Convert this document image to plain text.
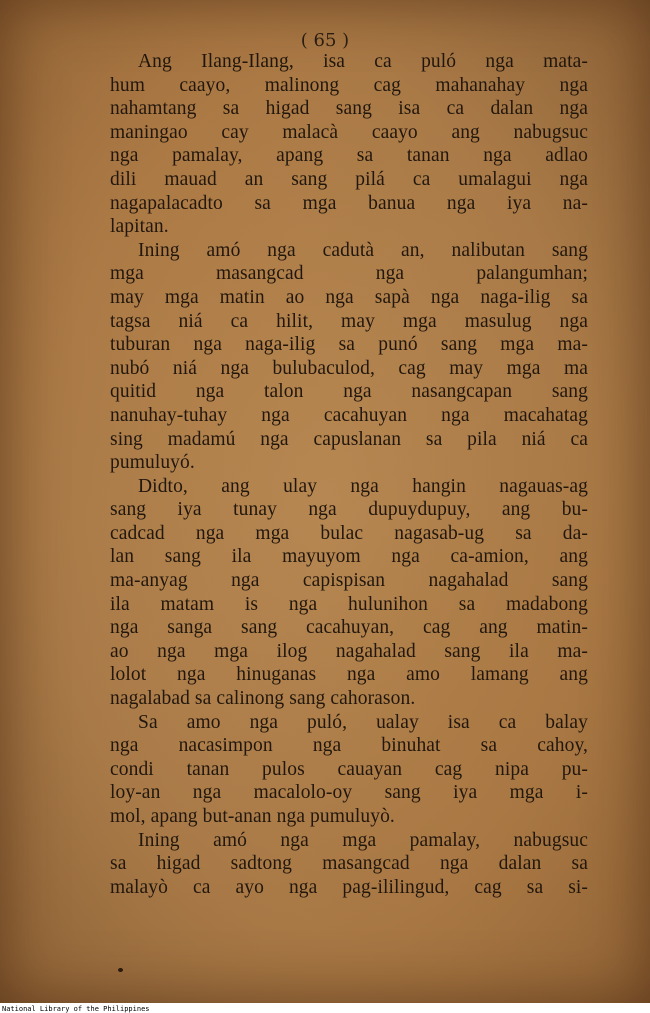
( 65 )
Ang Ilang-Ilang, isa ca puló nga mata-
hum caayo, malinong cag mahanahay nga
nahamtang sa higad sang isa ca dalan nga
maningao cay malacà caayo ang nabugsuc
nga pamalay, apang sa tanan nga adlao
dili mauad an sang pilá ca umalagui nga
nagapalacadto sa mga banua nga iya na-
lapitan.
Ining amó nga cadutà an, nalibutan sang
mga masangcad nga palangumhan;
may mga matin ao nga sapà nga naga-ilig sa
tagsa niá ca hilit, may mga masulug nga
tuburan nga naga-ilig sa punó sang mga ma-
nubó niá nga bulubaculod, cag may mga ma
quitid nga talon nga nasangcapan sang
nanuhay-tuhay nga cacahuyan nga macahatag
sing madamú nga capuslanan sa pila niá ca
pumuluyó.
Didto, ang ulay nga hangin nagauas-ag
sang iya tunay nga dupuydupuy, ang bu-
cadcad nga mga bulac nagasab-ug sa da-
lan sang ila mayuyom nga ca-amion, ang
ma-anyag nga capispisan nagahalad sang
ila matam is nga hulunihon sa madabong
nga sanga sang cacahuyan, cag ang matin-
ao nga mga ilog nagahalad sang ila ma-
lolot nga hinuganas nga amo lamang ang
nagalabad sa calinong sang cahorason.
Sa amo nga puló, ualay isa ca balay
nga nacasimpon nga binuhat sa cahoy,
condi tanan pulos cauayan cag nipa pu-
loy-an nga macalolo-oy sang iya mga i-
mol, apang but-anan nga pumuluyò.
Ining amó nga mga pamalay, nabugsuc
sa higad sadtong masangcad nga dalan sa
malayò ca ayo nga pag-ililingud, cag sa si-
National Library of the Philippines
